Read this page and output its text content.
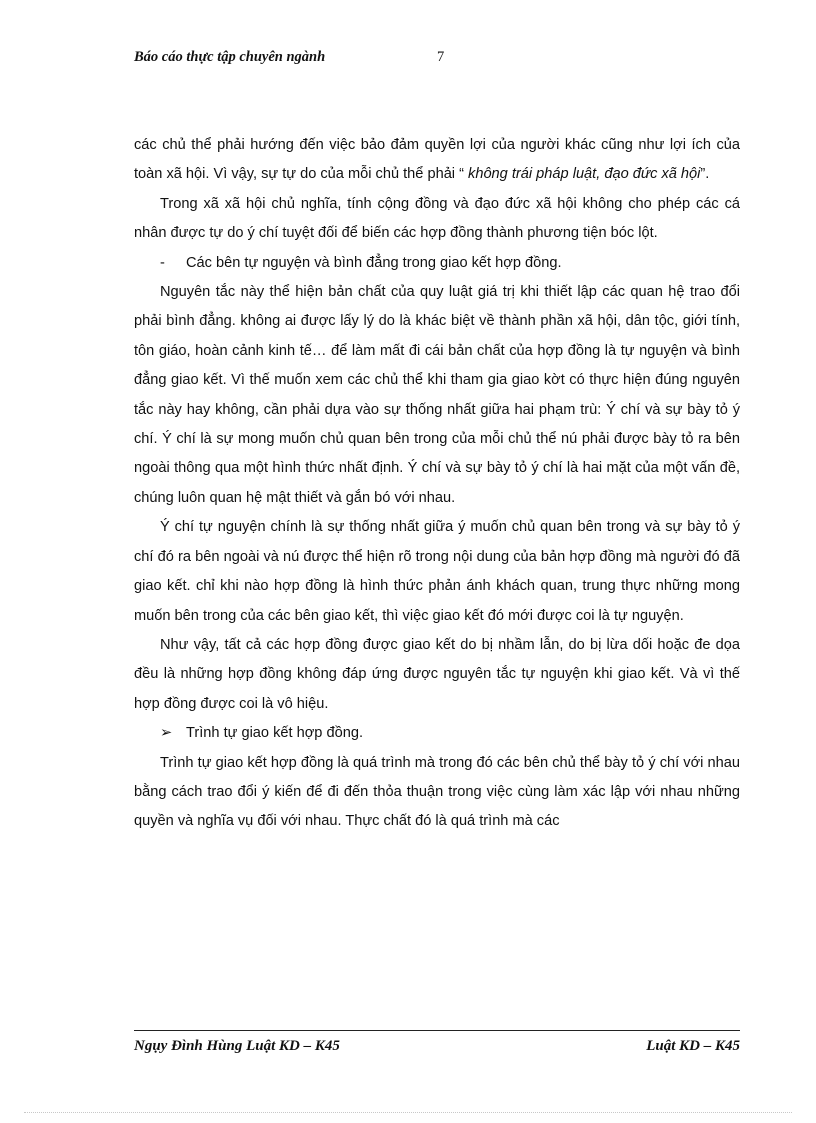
Báo cáo thực tập chuyên ngành	7

các chủ thể phải hướng đến việc bảo đảm quyền lợi của người khác cũng như lợi ích của toàn xã hội. Vì vậy, sự tự do của mỗi chủ thể phải “ không trái pháp luật, đạo đức xã hội”.

Trong xã xã hội chủ nghĩa, tính cộng đồng và đạo đức xã hội không cho phép các cá nhân được tự do ý chí tuyệt đối để biến các hợp đồng thành phương tiện bóc lột.

- Các bên tự nguyện và bình đẳng trong giao kết hợp đồng.

Nguyên tắc này thể hiện bản chất của quy luật giá trị khi thiết lập các quan hệ trao đổi phải bình đẳng. không ai được lấy lý do là khác biệt về thành phần xã hội, dân tộc, giới tính, tôn giáo, hoàn cảnh kinh tế… để làm mất đi cái bản chất của hợp đồng là tự nguyện và bình đẳng giao kết. Vì thế muốn xem các chủ thể khi tham gia giao kờt có thực hiện đúng nguyên tắc này hay không, cần phải dựa vào sự thống nhất giữa hai phạm trù: Ý chí và sự bày tỏ ý chí. Ý chí là sự mong muốn chủ quan bên trong của mỗi chủ thể nú phải được bày tỏ ra bên ngoài thông qua một hình thức nhất định. Ý chí và sự bày tỏ ý chí là hai mặt của một vấn đề, chúng luôn quan hệ mật thiết và gắn bó với nhau.

Ý chí tự nguyện chính là sự thống nhất giữa ý muốn chủ quan bên trong và sự bày tỏ ý chí đó ra bên ngoài và nú được thể hiện rõ trong nội dung của bản hợp đồng mà người đó đã giao kết. chỉ khi nào hợp đồng là hình thức phản ánh khách quan, trung thực những mong muốn bên trong của các bên giao kết, thì việc giao kết đó mới được coi là tự nguyện.

Như vậy, tất cả các hợp đồng được giao kết do bị nhầm lẫn, do bị lừa dối hoặc đe dọa đều là những hợp đồng không đáp ứng được nguyên tắc tự nguyện khi giao kết. Và vì thế hợp đồng được coi là vô hiệu.

➢ Trình tự giao kết hợp đồng.

Trình tự giao kết hợp đồng là quá trình mà trong đó các bên chủ thể bày tỏ ý chí với nhau bằng cách trao đổi ý kiến để đi đến thỏa thuận trong việc cùng làm xác lập với nhau những quyền và nghĩa vụ đối với nhau. Thực chất đó là quá trình mà các

Ngụy Đình Hùng Luật KD – K45	Luật KD – K45
